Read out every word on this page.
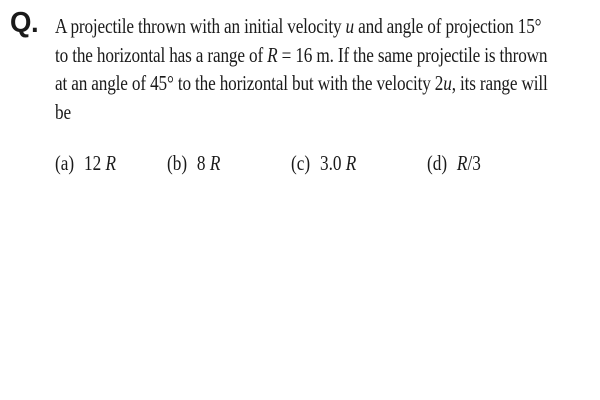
Q. A projectile thrown with an initial velocity u and angle of projection 15°
to the horizontal has a range of R = 16 m. If the same projectile is thrown
at an angle of 45° to the horizontal but with the velocity 2u, its range will
be
(a) 12 R (b) 8 R	(c) 3.0 R	(d) R/3
